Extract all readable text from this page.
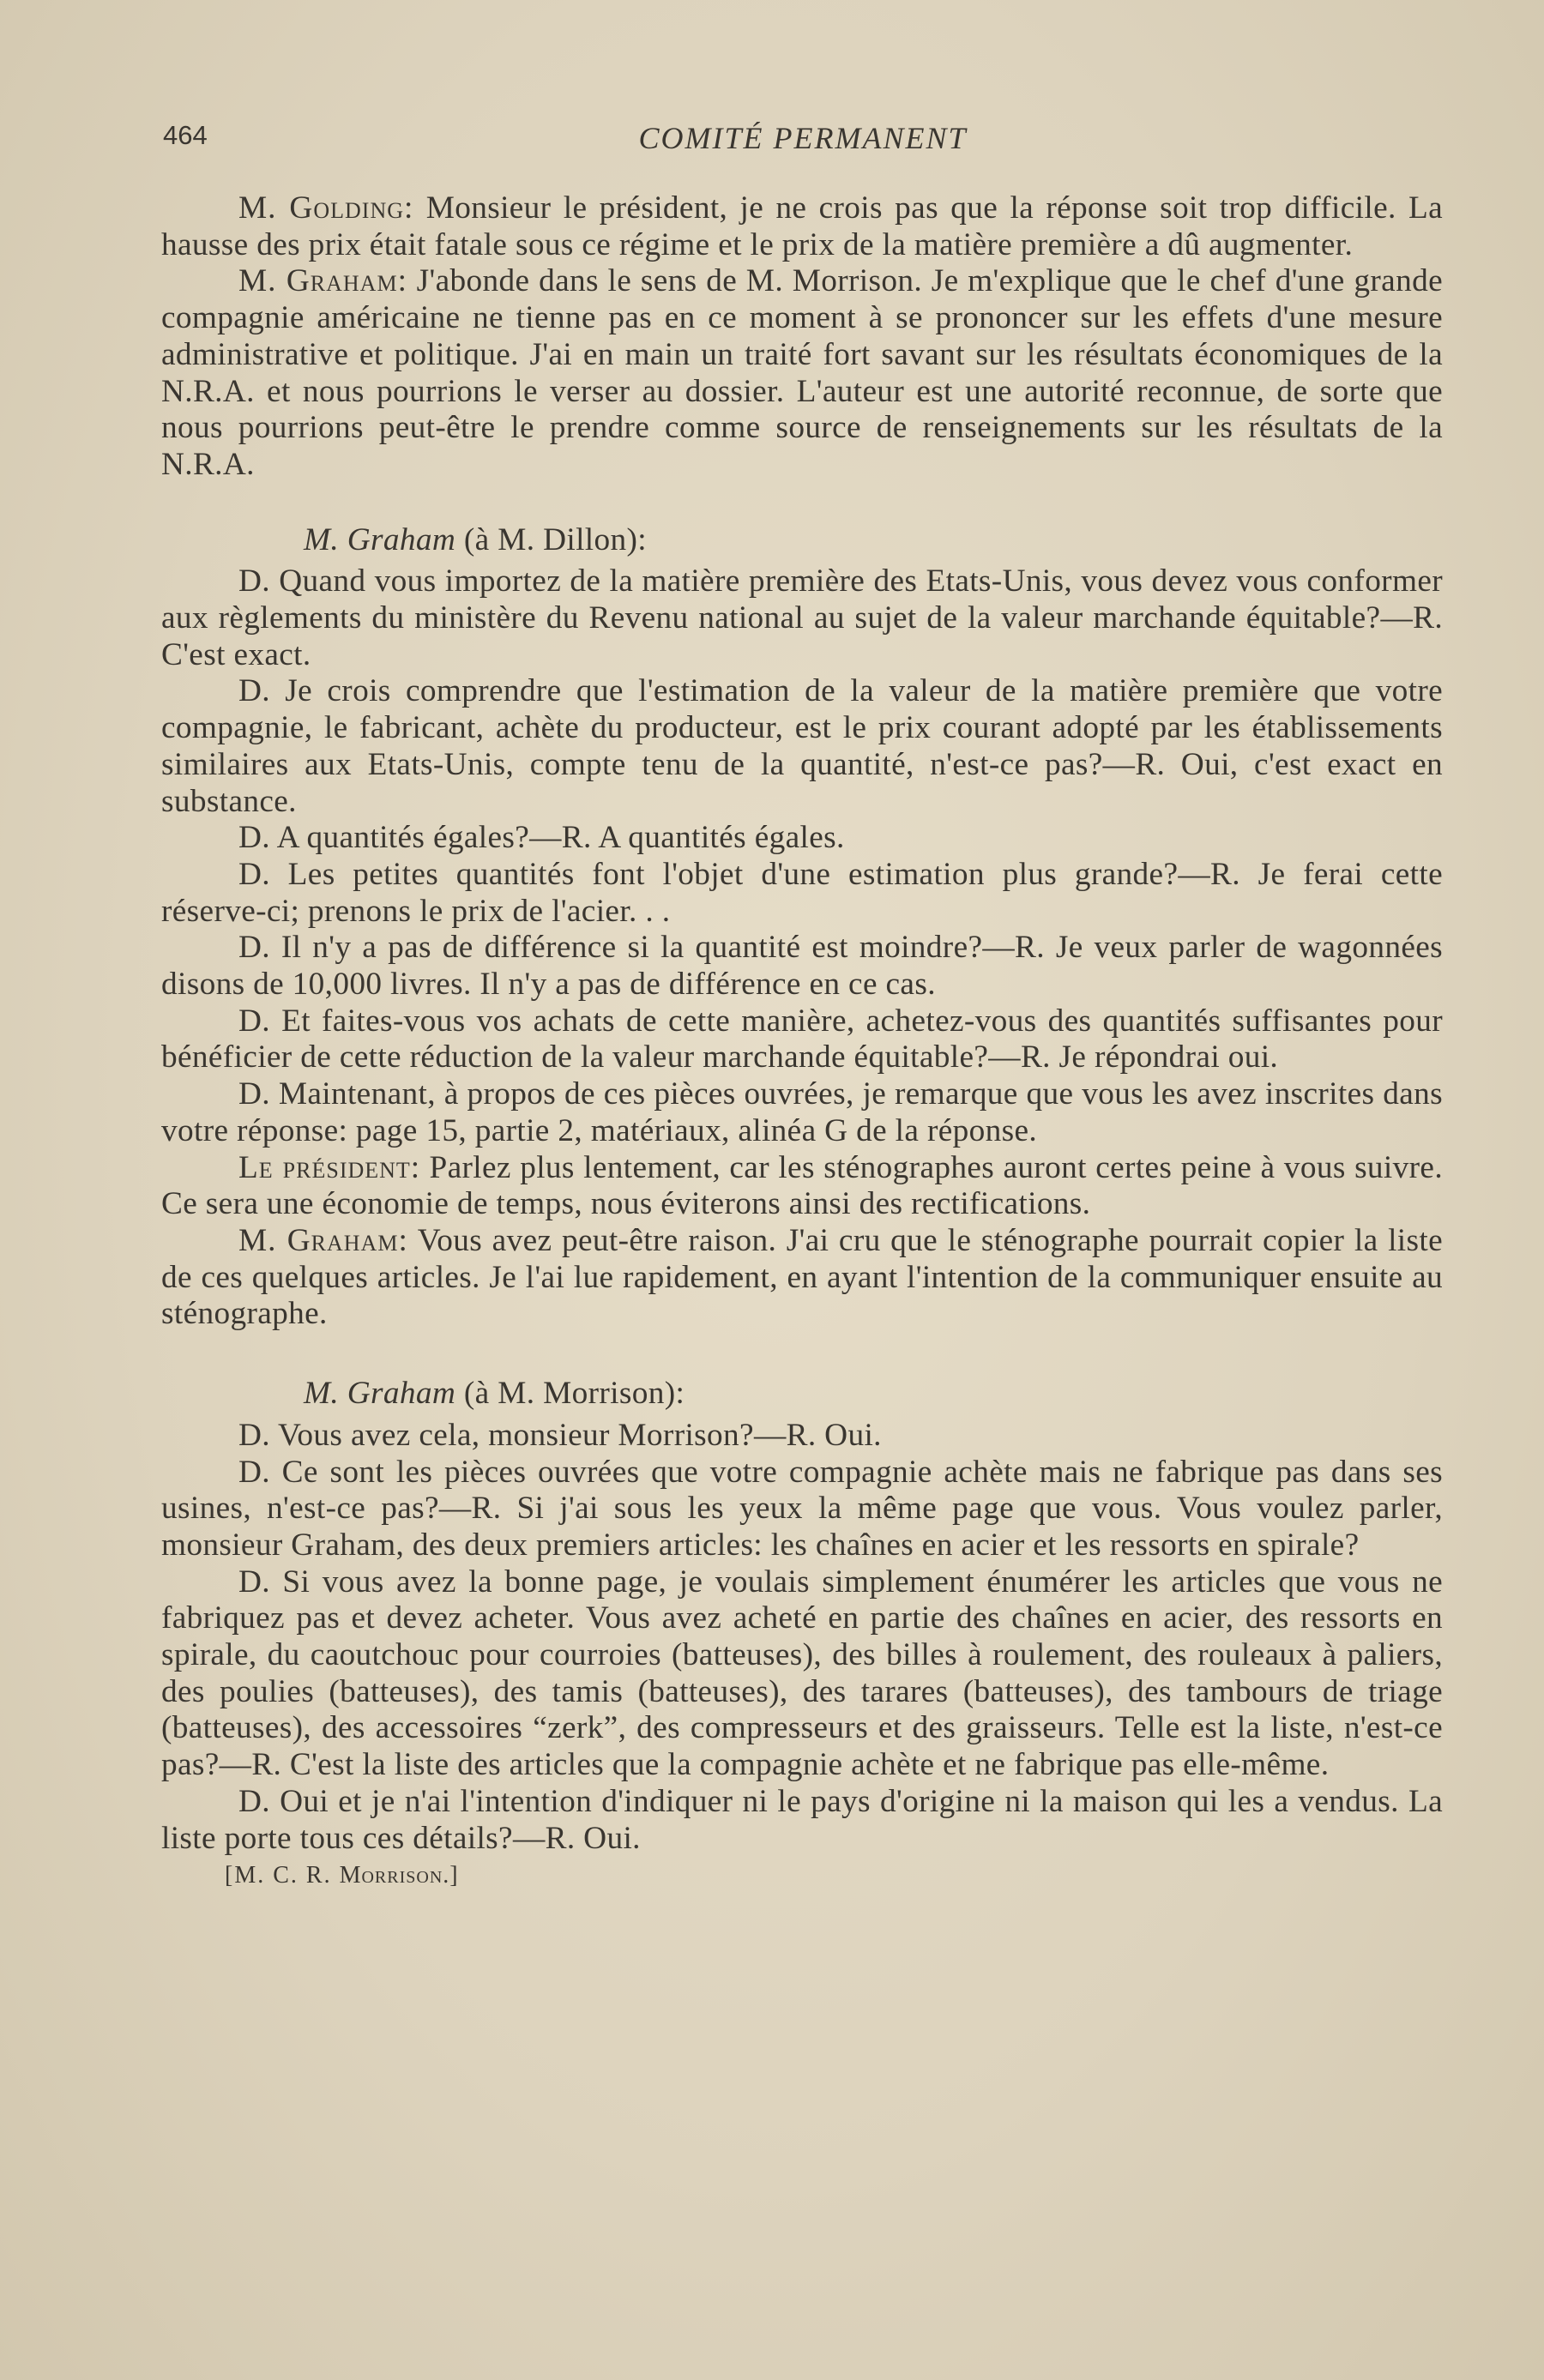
464	COMITÉ PERMANENT

M. Golding: Monsieur le président, je ne crois pas que la réponse soit trop difficile. La hausse des prix était fatale sous ce régime et le prix de la matière première a dû augmenter.

M. Graham: J'abonde dans le sens de M. Morrison. Je m'explique que le chef d'une grande compagnie américaine ne tienne pas en ce moment à se prononcer sur les effets d'une mesure administrative et politique. J'ai en main un traité fort savant sur les résultats économiques de la N.R.A. et nous pourrions le verser au dossier. L'auteur est une autorité reconnue, de sorte que nous pourrions peut-être le prendre comme source de renseignements sur les résultats de la N.R.A.

M. Graham (à M. Dillon):

D. Quand vous importez de la matière première des Etats-Unis, vous devez vous conformer aux règlements du ministère du Revenu national au sujet de la valeur marchande équitable?—R. C'est exact.

D. Je crois comprendre que l'estimation de la valeur de la matière première que votre compagnie, le fabricant, achète du producteur, est le prix courant adopté par les établissements similaires aux Etats-Unis, compte tenu de la quantité, n'est-ce pas?—R. Oui, c'est exact en substance.

D. A quantités égales?—R. A quantités égales.

D. Les petites quantités font l'objet d'une estimation plus grande?—R. Je ferai cette réserve-ci; prenons le prix de l'acier. . .

D. Il n'y a pas de différence si la quantité est moindre?—R. Je veux parler de wagonnées disons de 10,000 livres. Il n'y a pas de différence en ce cas.

D. Et faites-vous vos achats de cette manière, achetez-vous des quantités suffisantes pour bénéficier de cette réduction de la valeur marchande équitable?—R. Je répondrai oui.

D. Maintenant, à propos de ces pièces ouvrées, je remarque que vous les avez inscrites dans votre réponse: page 15, partie 2, matériaux, alinéa G de la réponse.

Le président: Parlez plus lentement, car les sténographes auront certes peine à vous suivre. Ce sera une économie de temps, nous éviterons ainsi des rectifications.

M. Graham: Vous avez peut-être raison. J'ai cru que le sténographe pourrait copier la liste de ces quelques articles. Je l'ai lue rapidement, en ayant l'intention de la communiquer ensuite au sténographe.

M. Graham (à M. Morrison):

D. Vous avez cela, monsieur Morrison?—R. Oui.

D. Ce sont les pièces ouvrées que votre compagnie achète mais ne fabrique pas dans ses usines, n'est-ce pas?—R. Si j'ai sous les yeux la même page que vous. Vous voulez parler, monsieur Graham, des deux premiers articles: les chaînes en acier et les ressorts en spirale?

D. Si vous avez la bonne page, je voulais simplement énumérer les articles que vous ne fabriquez pas et devez acheter. Vous avez acheté en partie des chaînes en acier, des ressorts en spirale, du caoutchouc pour courroies (batteuses), des billes à roulement, des rouleaux à paliers, des poulies (batteuses), des tamis (batteuses), des tarares (batteuses), des tambours de triage (batteuses), des accessoires “zerk”, des compresseurs et des graisseurs. Telle est la liste, n'est-ce pas?—R. C'est la liste des articles que la compagnie achète et ne fabrique pas elle-même.

D. Oui et je n'ai l'intention d'indiquer ni le pays d'origine ni la maison qui les a vendus. La liste porte tous ces détails?—R. Oui.

[M. C. R. Morrison.]
